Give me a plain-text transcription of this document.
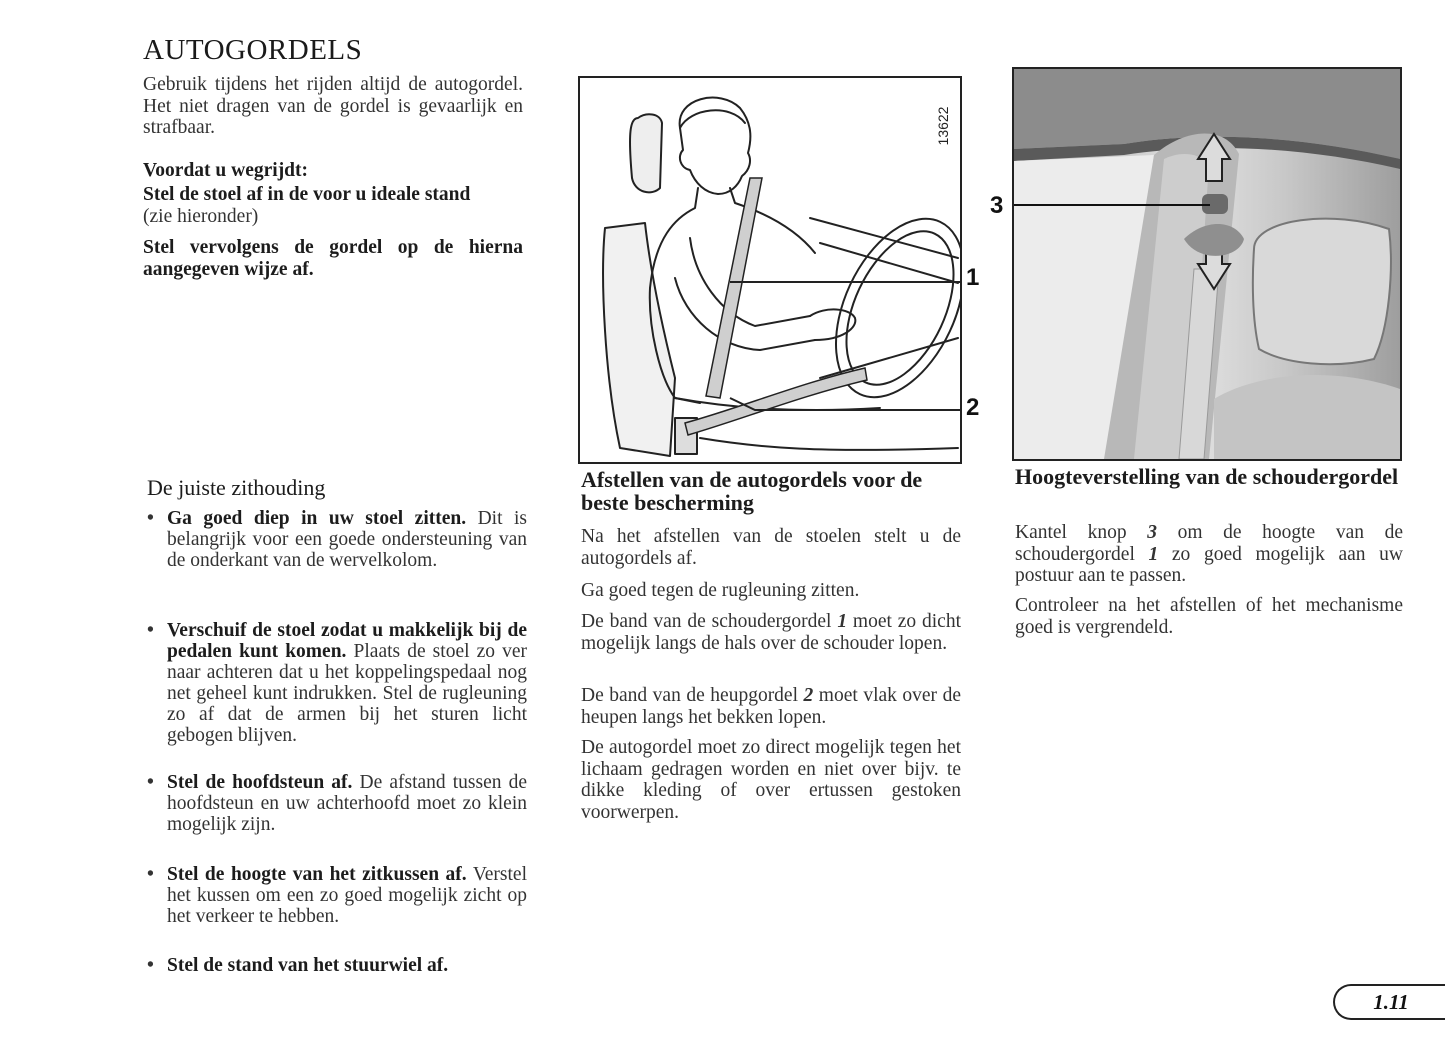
AUTOGORDELS

Gebruik tijdens het rijden altijd de autogordel. Het niet dragen van de gordel is gevaarlijk en strafbaar.

Voordat u wegrijdt:

Stel de stoel af in de voor u ideale stand
(zie hieronder)

Stel vervolgens de gordel op de hierna aangegeven wijze af.

De juiste zithouding
• Ga goed diep in uw stoel zitten. Dit is belangrijk voor een goede ondersteuning van de onderkant van de wervelkolom.
• Verschuif de stoel zodat u makkelijk bij de pedalen kunt komen. Plaats de stoel zo ver naar achteren dat u het koppelingspedaal nog net geheel kunt indrukken. Stel de rugleuning zo af dat de armen bij het sturen licht gebogen blijven.
• Stel de hoofdsteun af. De afstand tussen de hoofdsteun en uw achterhoofd moet zo klein mogelijk zijn.
• Stel de hoogte van het zitkussen af. Verstel het kussen om een zo goed mogelijk zicht op het verkeer te hebben.
• Stel de stand van het stuurwiel af.
13622
1
2
Afstellen van de autogordels voor de beste bescherming

Na het afstellen van de stoelen stelt u de autogordels af.

Ga goed tegen de rugleuning zitten.

De band van de schoudergordel 1 moet zo dicht mogelijk langs de hals over de schouder lopen.

De band van de heupgordel 2 moet vlak over de heupen langs het bekken lopen.

De autogordel moet zo direct mogelijk tegen het lichaam gedragen worden en niet over bijv. te dikke kleding of over ertussen gestoken voorwerpen.

3
Hoogteverstelling van de schoudergordel

Kantel knop 3 om de hoogte van de schoudergordel 1 zo goed mogelijk aan uw postuur aan te passen.

Controleer na het afstellen of het mechanisme goed is vergrendeld.

1.11
